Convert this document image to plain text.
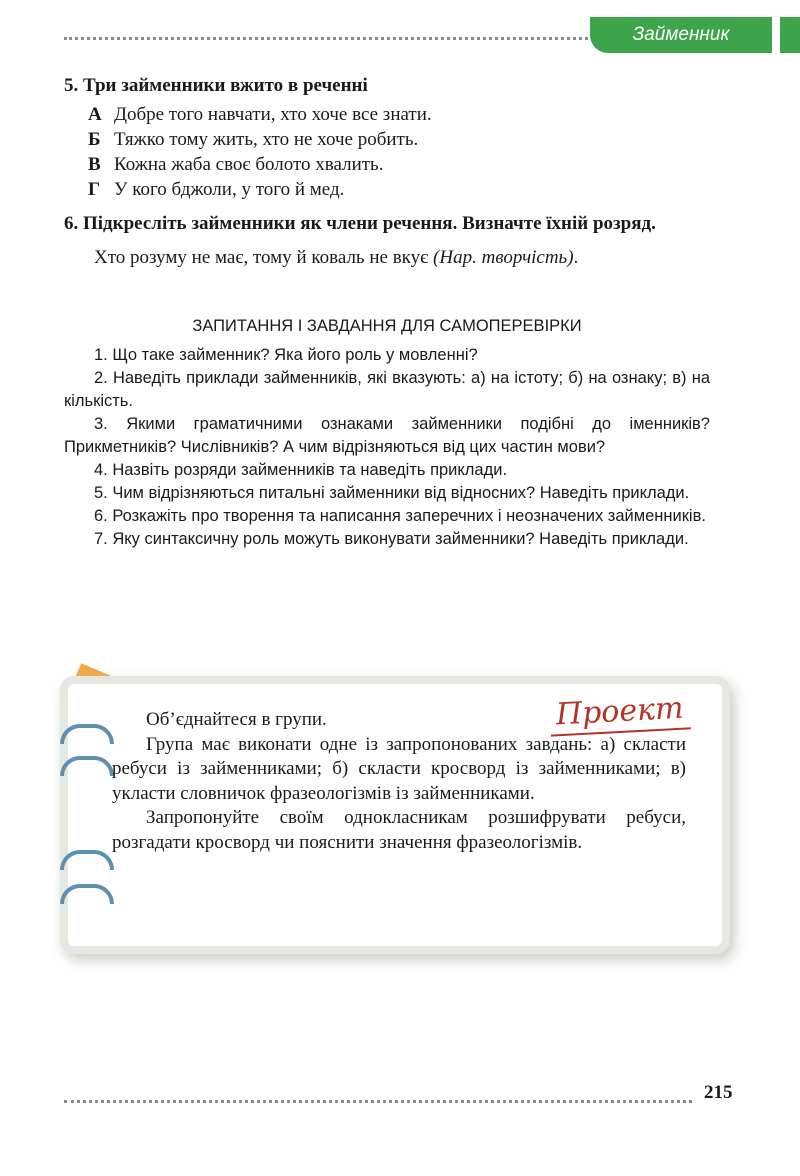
Займенник
5. Три займенники вжито в реченні
А Добре того навчати, хто хоче все знати.
Б Тяжко тому жить, хто не хоче робить.
В Кожна жаба своє болото хвалить.
Г У кого бджоли, у того й мед.
6. Підкресліть займенники як члени речення. Визначте їхній розряд.
Хто розуму не має, тому й коваль не вкує (Нар. творчість).
ЗАПИТАННЯ І ЗАВДАННЯ ДЛЯ САМОПЕРЕВІРКИ
1. Що таке займенник? Яка його роль у мовленні?
2. Наведіть приклади займенників, які вказують: а) на істоту; б) на ознаку; в) на кількість.
3. Якими граматичними ознаками займенники подібні до іменників? Прикметників? Числівників? А чим відрізняються від цих частин мови?
4. Назвіть розряди займенників та наведіть приклади.
5. Чим відрізняються питальні займенники від відносних? Наведіть приклади.
6. Розкажіть про творення та написання заперечних і неозначених займенників.
7. Яку синтаксичну роль можуть виконувати займенники? Наведіть приклади.
Проект
Об’єднайтеся в групи.
Група має виконати одне із запропонованих завдань: а) скласти ребуси із займенниками; б) скласти кросворд із займенниками; в) укласти словничок фразеологізмів із займенниками.
Запропонуйте своїм однокласникам розшифрувати ребуси, розгадати кросворд чи пояснити значення фразеологізмів.
215
